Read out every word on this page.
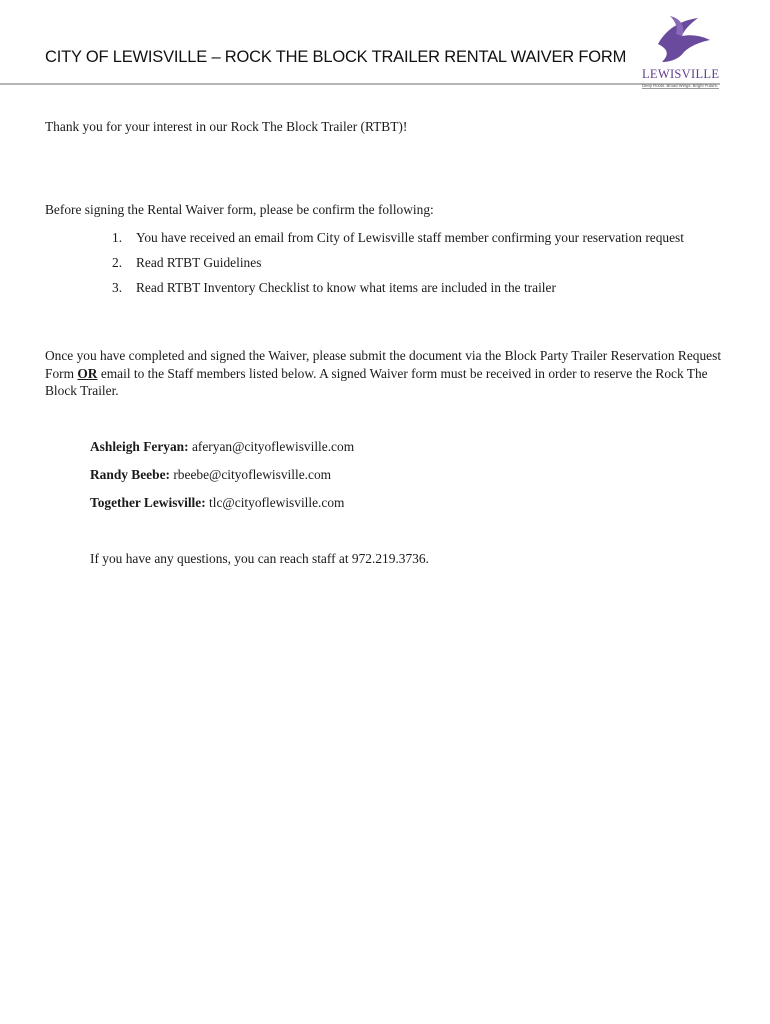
CITY OF LEWISVILLE – ROCK THE BLOCK TRAILER RENTAL WAIVER FORM
LEWISVILLE
Deep Roots. Broad Wings. Bright Future.
Thank you for your interest in our Rock The Block Trailer (RTBT)!
Before signing the Rental Waiver form, please be confirm the following:
1. You have received an email from City of Lewisville staff member confirming your reservation request
2. Read RTBT Guidelines
3. Read RTBT Inventory Checklist to know what items are included in the trailer
Once you have completed and signed the Waiver, please submit the document via the Block Party Trailer Reservation Request Form OR email to the Staff members listed below. A signed Waiver form must be received in order to reserve the Rock The Block Trailer.
Ashleigh Feryan: aferyan@cityoflewisville.com
Randy Beebe: rbeebe@cityoflewisville.com
Together Lewisville: tlc@cityoflewisville.com
If you have any questions, you can reach staff at 972.219.3736.
